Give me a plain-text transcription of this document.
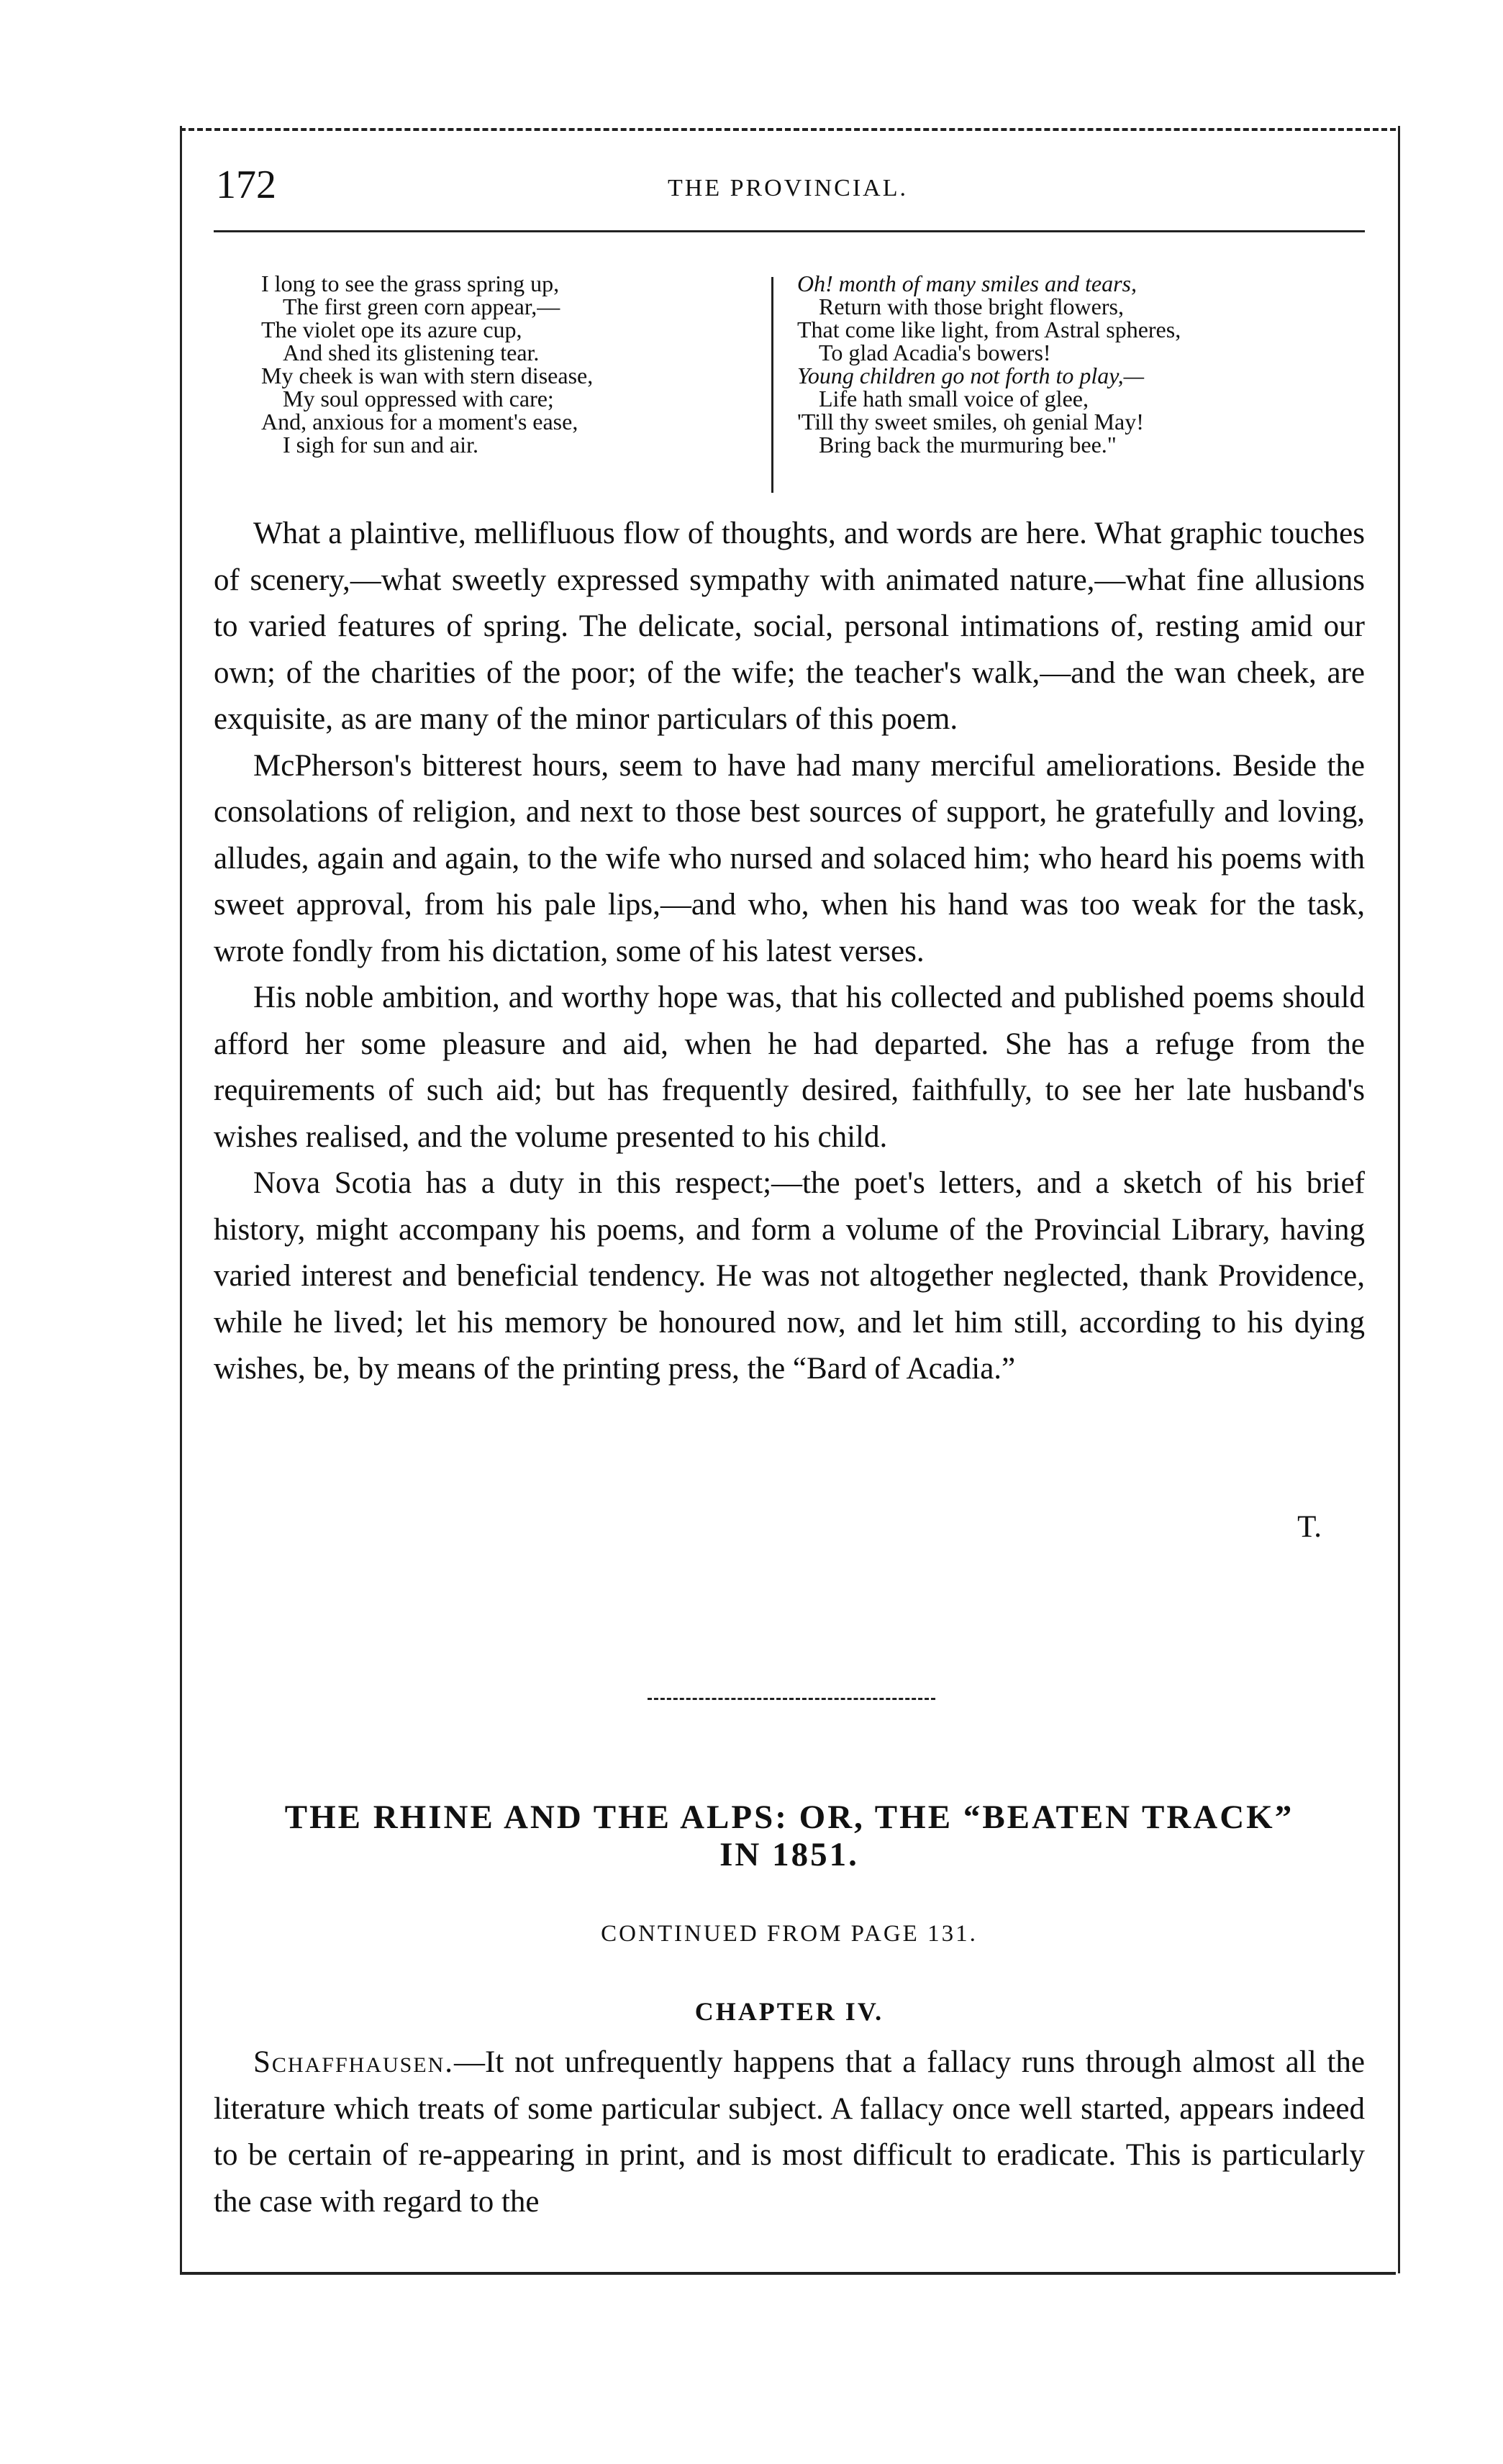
172	THE PROVINCIAL.
I long to see the grass spring up,
The first green corn appear,—
The violet ope its azure cup,
And shed its glistening tear.
My cheek is wan with stern disease,
My soul oppressed with care;
And, anxious for a moment's ease,
I sigh for sun and air.
Oh! month of many smiles and tears,
Return with those bright flowers,
That come like light, from Astral spheres,
To glad Acadia's bowers!
Young children go not forth to play,—
Life hath small voice of glee,
'Till thy sweet smiles, oh genial May!
Bring back the murmuring bee."

What a plaintive, mellifluous flow of thoughts, and words are here. What graphic touches of scenery,—what sweetly expressed sympathy with animated nature,—what fine allusions to varied features of spring. The delicate, social, personal intimations of, resting amid our own; of the charities of the poor; of the wife; the teacher's walk,—and the wan cheek, are exquisite, as are many of the minor particulars of this poem.

McPherson's bitterest hours, seem to have had many merciful ameliorations. Beside the consolations of religion, and next to those best sources of support, he gratefully and loving, alludes, again and again, to the wife who nursed and solaced him; who heard his poems with sweet approval, from his pale lips,—and who, when his hand was too weak for the task, wrote fondly from his dictation, some of his latest verses.

His noble ambition, and worthy hope was, that his collected and published poems should afford her some pleasure and aid, when he had departed. She has a refuge from the requirements of such aid; but has frequently desired, faithfully, to see her late husband's wishes realised, and the volume presented to his child.

Nova Scotia has a duty in this respect;—the poet's letters, and a sketch of his brief history, might accompany his poems, and form a volume of the Provincial Library, having varied interest and beneficial tendency. He was not altogether neglected, thank Providence, while he lived; let his memory be honoured now, and let him still, according to his dying wishes, be, by means of the printing press, the “Bard of Acadia.”

T.
THE RHINE AND THE ALPS: OR, THE “BEATEN TRACK”
IN 1851.
CONTINUED FROM PAGE 131.
CHAPTER IV.

Schaffhausen.—It not unfrequently happens that a fallacy runs through almost all the literature which treats of some particular subject. A fallacy once well started, appears indeed to be certain of re-appearing in print, and is most difficult to eradicate. This is particularly the case with regard to the
